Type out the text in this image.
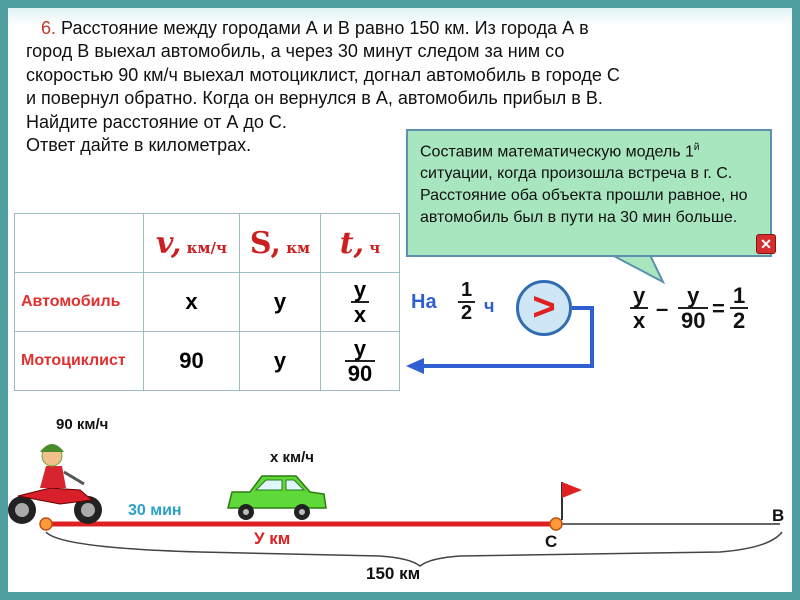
6. Расстояние между городами А и В равно 150 км. Из города А в

город В выехал автомобиль, а через 30 минут следом за ним со

скоростью 90 км/ч выехал мотоциклист, догнал автомобиль в городе С

и повернул обратно. Когда он вернулся в А, автомобиль прибыл в В.

Найдите расстояние от А до С.

Ответ дайте в километрах.	Составим математическую модель $1^й$ ситуации, когда произошла встреча в г. С. Расстояние оба объекта прошли равное, но автомобиль был в пути на 30 мин больше.
✕
	v, км/ч	S, км	t, ч
Автомобиль	x	y	$\frac{y}{x}$

Мотоциклист	90	y	$\frac{y}{90}$
На $\frac{1}{2}$ ч >	$\frac{y}{x} - \frac{y}{90} = \frac{1}{2}$
90 км/ч
x км/ч
30 мин
У км	С
В
150 км
